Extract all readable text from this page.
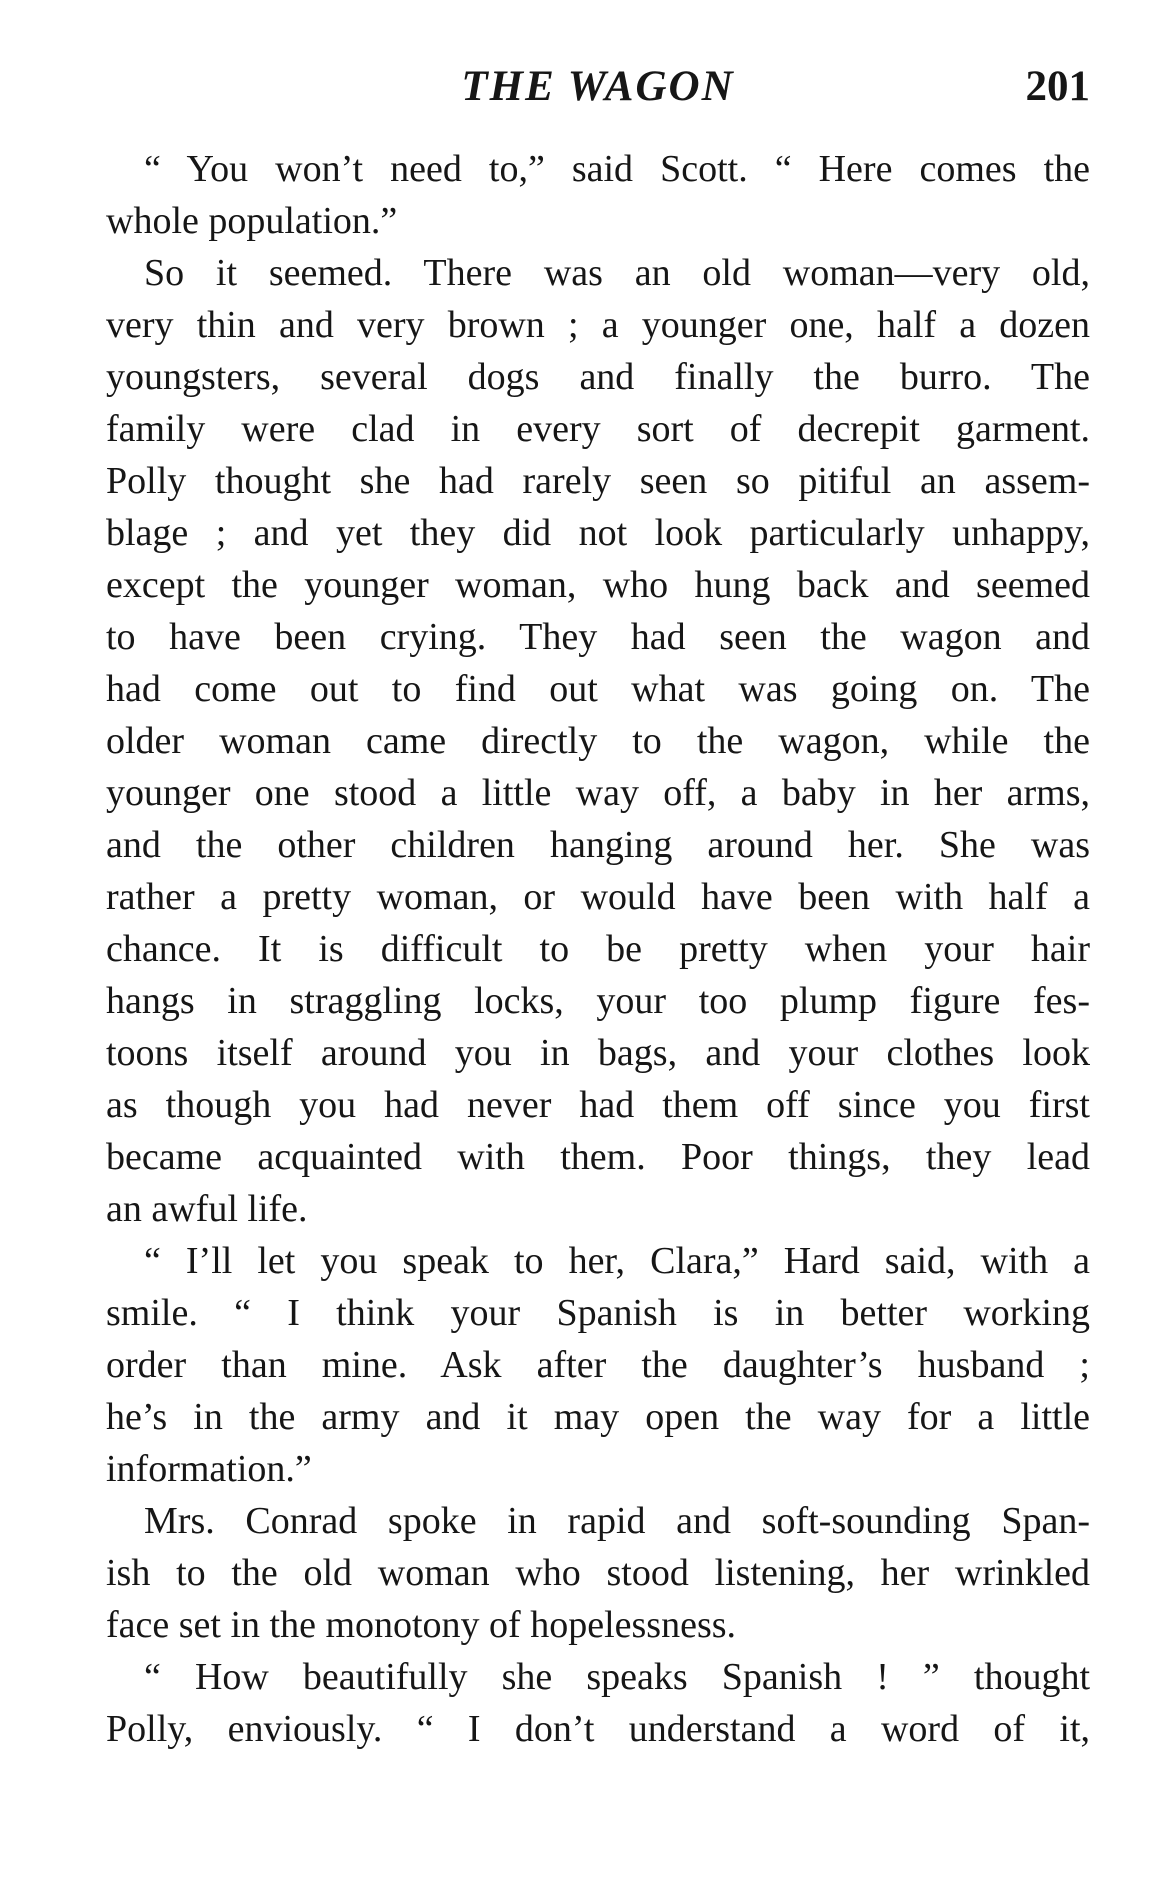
THE WAGON	201
“ You won’t need to,” said Scott. “ Here comes the
whole population.”
So it seemed. There was an old woman—very old,
very thin and very brown ; a younger one, half a dozen
youngsters, several dogs and finally the burro. The
family were clad in every sort of decrepit garment.
Polly thought she had rarely seen so pitiful an assem-
blage ; and yet they did not look particularly unhappy,
except the younger woman, who hung back and seemed
to have been crying. They had seen the wagon and
had come out to find out what was going on. The
older woman came directly to the wagon, while the
younger one stood a little way off, a baby in her arms,
and the other children hanging around her. She was
rather a pretty woman, or would have been with half a
chance. It is difficult to be pretty when your hair
hangs in straggling locks, your too plump figure fes-
toons itself around you in bags, and your clothes look
as though you had never had them off since you first
became acquainted with them. Poor things, they lead
an awful life.
“ I’ll let you speak to her, Clara,” Hard said, with a
smile. “ I think your Spanish is in better working
order than mine. Ask after the daughter’s husband ;
he’s in the army and it may open the way for a little
information.”
Mrs. Conrad spoke in rapid and soft-sounding Span-
ish to the old woman who stood listening, her wrinkled
face set in the monotony of hopelessness.
“ How beautifully she speaks Spanish ! ” thought
Polly, enviously. “ I don’t understand a word of it,
